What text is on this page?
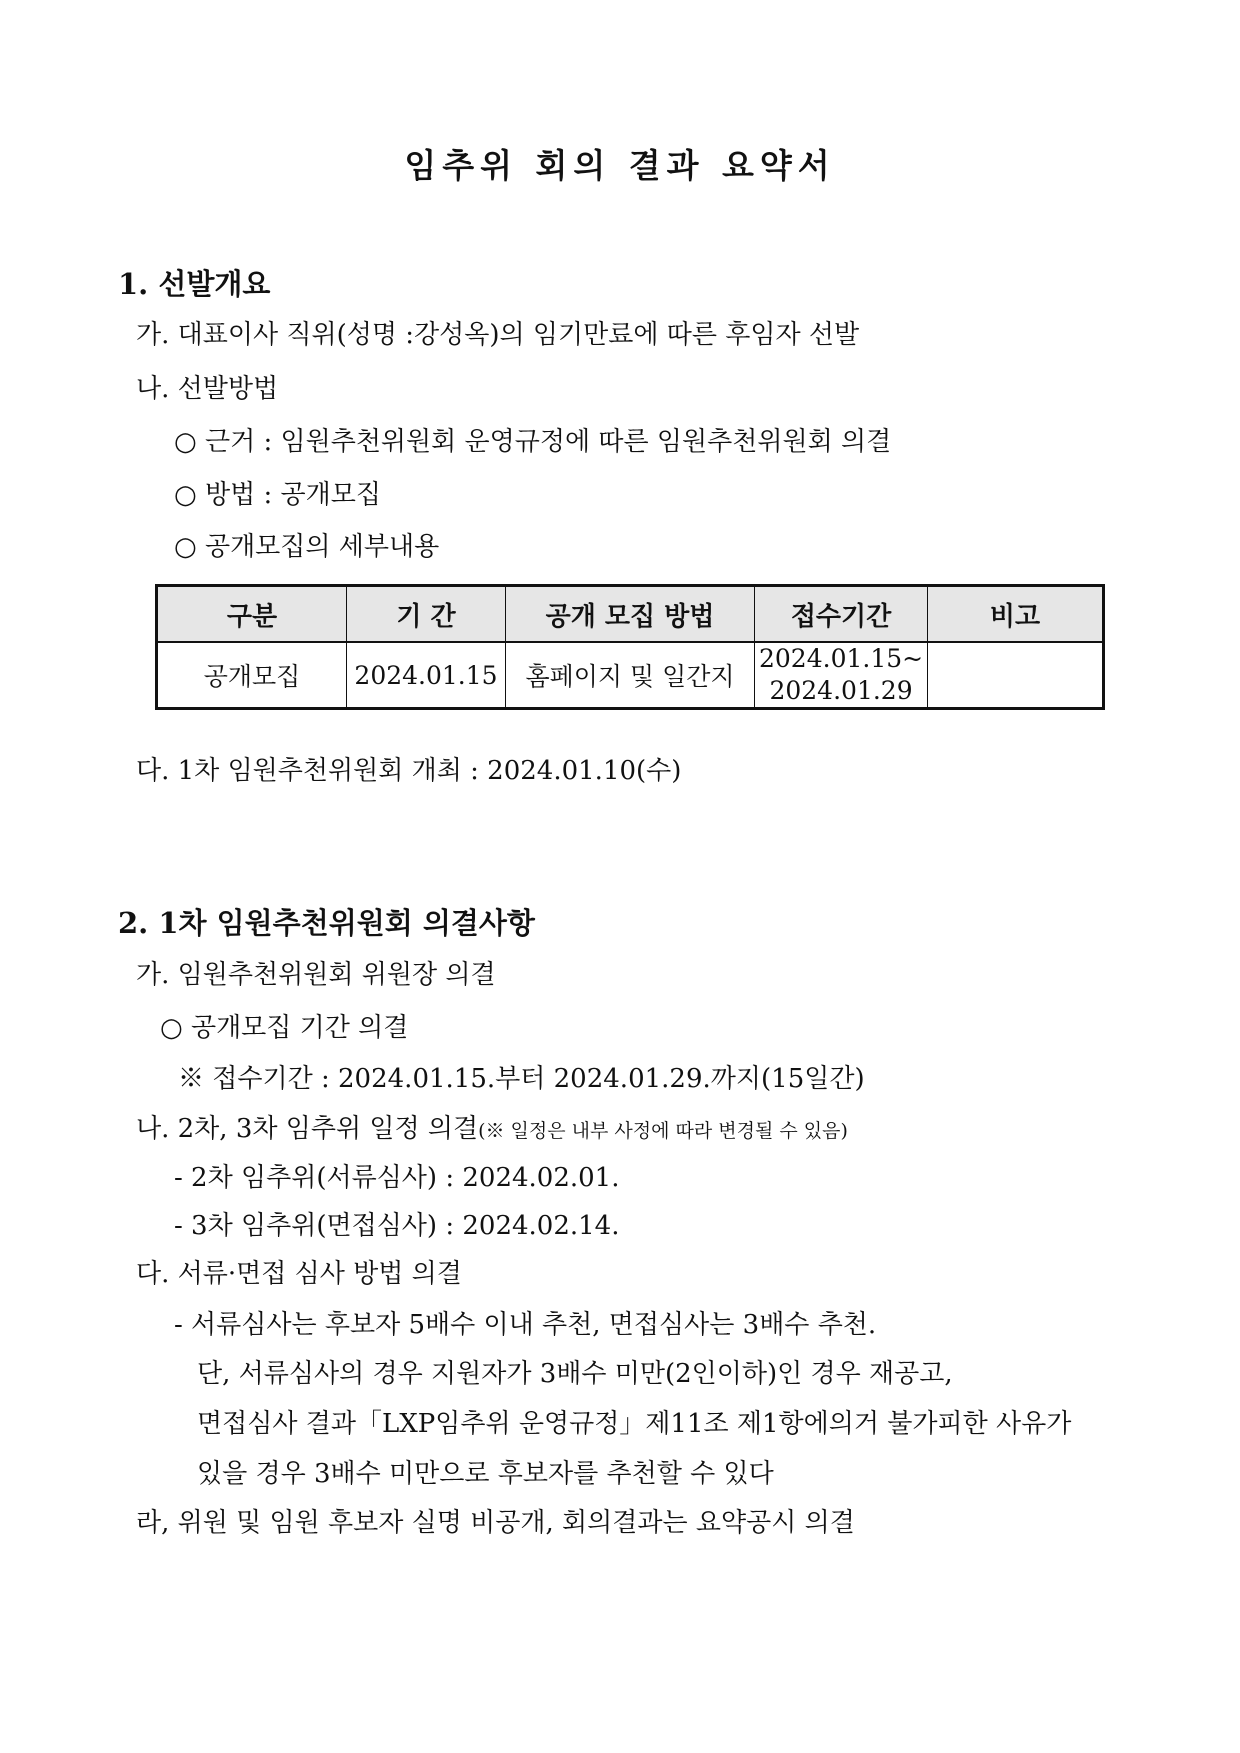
임추위 회의 결과 요약서
1. 선발개요
가. 대표이사 직위(성명 :강성옥)의 임기만료에 따른 후임자 선발
나. 선발방법
○ 근거 : 임원추천위원회 운영규정에 따른 임원추천위원회 의결
○ 방법 : 공개모집
○ 공개모집의 세부내용
구분	기 간	공개 모집 방법	접수기간	비고
공개모집	2024.01.15	홈페이지 및 일간지	2024.01.15~
2024.01.29	

다. 1차 임원추천위원회 개최 : 2024.01.10(수)
2. 1차 임원추천위원회 의결사항
가. 임원추천위원회 위원장 의결
○ 공개모집 기간 의결
※ 접수기간 : 2024.01.15.부터 2024.01.29.까지(15일간)
나. 2차, 3차 임추위 일정 의결(※ 일정은 내부 사정에 따라 변경될 수 있음)
- 2차 임추위(서류심사) : 2024.02.01.
- 3차 임추위(면접심사) : 2024.02.14.
다. 서류·면접 심사 방법 의결
- 서류심사는 후보자 5배수 이내 추천, 면접심사는 3배수 추천.
단, 서류심사의 경우 지원자가 3배수 미만(2인이하)인 경우 재공고,
면접심사 결과「LXP임추위 운영규정」제11조 제1항에의거 불가피한 사유가
있을 경우 3배수 미만으로 후보자를 추천할 수 있다
라, 위원 및 임원 후보자 실명 비공개, 회의결과는 요약공시 의결
